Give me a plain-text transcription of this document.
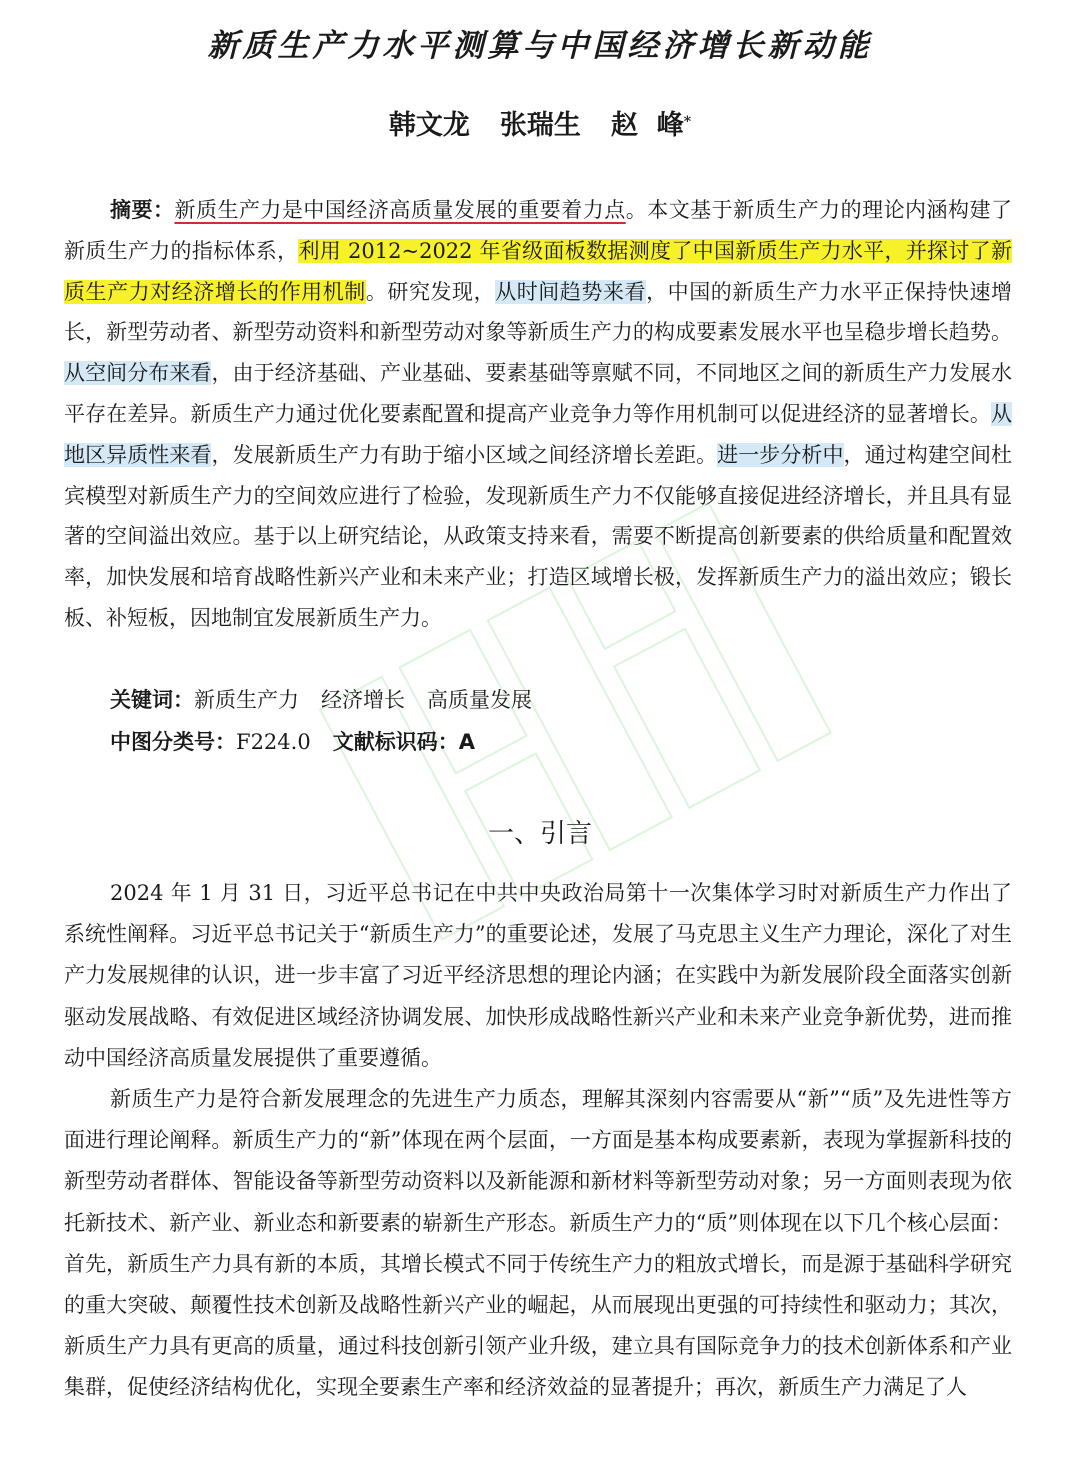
新质生产力水平测算与中国经济增长新动能
韩文龙 张瑞生 赵  峰*
摘要：新质生产力是中国经济高质量发展的重要着力点。本文基于新质生产力的理论内涵构建了新质生产力的指标体系，利用 2012~2022 年省级面板数据测度了中国新质生产力水平，并探讨了新质生产力对经济增长的作用机制。研究发现，从时间趋势来看，中国的新质生产力水平正保持快速增长，新型劳动者、新型劳动资料和新型劳动对象等新质生产力的构成要素发展水平也呈稳步增长趋势。从空间分布来看，由于经济基础、产业基础、要素基础等禀赋不同，不同地区之间的新质生产力发展水平存在差异。新质生产力通过优化要素配置和提高产业竞争力等作用机制可以促进经济的显著增长。从地区异质性来看，发展新质生产力有助于缩小区域之间经济增长差距。进一步分析中，通过构建空间杜宾模型对新质生产力的空间效应进行了检验，发现新质生产力不仅能够直接促进经济增长，并且具有显著的空间溢出效应。基于以上研究结论，从政策支持来看，需要不断提高创新要素的供给质量和配置效率，加快发展和培育战略性新兴产业和未来产业；打造区域增长极，发挥新质生产力的溢出效应；锻长板、补短板，因地制宜发展新质生产力。
关键词：新质生产力 经济增长 高质量发展
中图分类号：F224.0 文献标识码：A
一、引言

2024 年 1 月 31 日，习近平总书记在中共中央政治局第十一次集体学习时对新质生产力作出了系统性阐释。习近平总书记关于“新质生产力”的重要论述，发展了马克思主义生产力理论，深化了对生产力发展规律的认识，进一步丰富了习近平经济思想的理论内涵；在实践中为新发展阶段全面落实创新驱动发展战略、有效促进区域经济协调发展、加快形成战略性新兴产业和未来产业竞争新优势，进而推动中国经济高质量发展提供了重要遵循。

新质生产力是符合新发展理念的先进生产力质态，理解其深刻内容需要从“新”“质”及先进性等方面进行理论阐释。新质生产力的“新”体现在两个层面，一方面是基本构成要素新，表现为掌握新科技的新型劳动者群体、智能设备等新型劳动资料以及新能源和新材料等新型劳动对象；另一方面则表现为依托新技术、新产业、新业态和新要素的崭新生产形态。新质生产力的“质”则体现在以下几个核心层面：首先，新质生产力具有新的本质，其增长模式不同于传统生产力的粗放式增长，而是源于基础科学研究的重大突破、颠覆性技术创新及战略性新兴产业的崛起，从而展现出更强的可持续性和驱动力；其次，新质生产力具有更高的质量，通过科技创新引领产业升级，建立具有国际竞争力的技术创新体系和产业集群，促使经济结构优化，实现全要素生产率和经济效益的显著提升；再次，新质生产力满足了人
